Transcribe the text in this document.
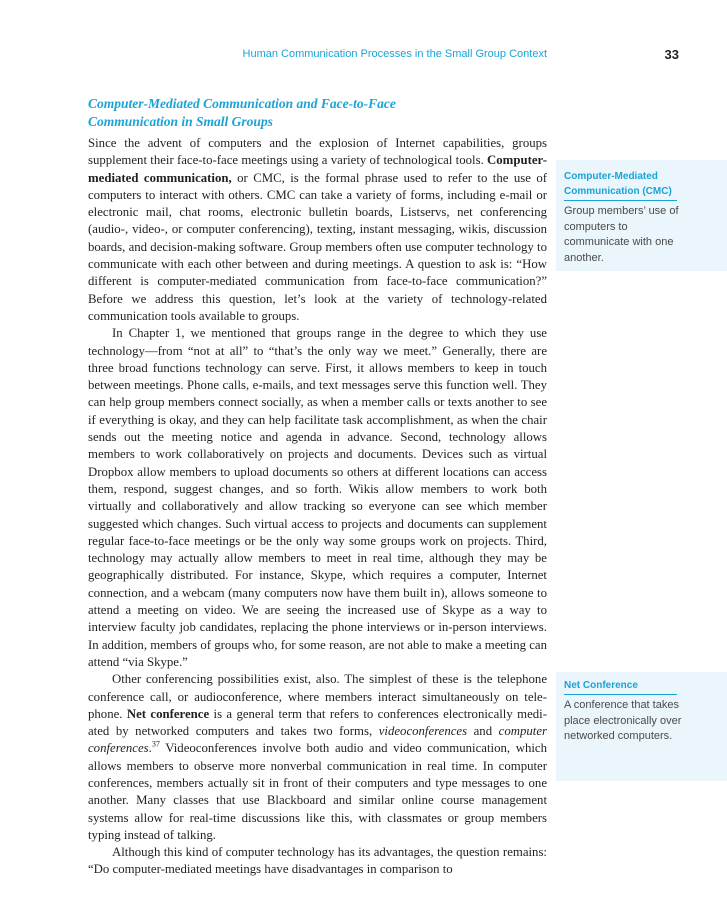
Human Communication Processes in the Small Group Context	33
Computer-Mediated Communication and Face-to-Face
Communication in Small Groups

Since the advent of computers and the explosion of Internet capabilities, groups supplement their face-to-face meetings using a variety of technological tools. Computer-mediated communication, or CMC, is the formal phrase used to refer to the use of computers to interact with others. CMC can take a variety of forms, including e-mail or electronic mail, chat rooms, electronic bulletin boards, Listservs, net conferencing (audio-, video-, or computer conferencing), texting, instant messaging, wikis, discussion boards, and decision-making software. Group members often use computer technology to communicate with each other between and during meetings. A question to ask is: “How different is computer-mediated communication from face-to-face communication?” Before we address this question, let’s look at the variety of technology-related communication tools available to groups.

In Chapter 1, we mentioned that groups range in the degree to which they use technology—from “not at all” to “that’s the only way we meet.” Generally, there are three broad functions technology can serve. First, it allows members to keep in touch between meetings. Phone calls, e-mails, and text messages serve this function well. They can help group members connect socially, as when a member calls or texts another to see if everything is okay, and they can help facilitate task accomplishment, as when the chair sends out the meeting notice and agenda in advance. Second, technology allows members to work collaboratively on projects and documents. Devices such as virtual Dropbox allow members to upload documents so others at different locations can access them, respond, suggest changes, and so forth. Wikis allow members to work both virtually and collaboratively and allow tracking so everyone can see which member suggested which changes. Such virtual access to projects and documents can supplement regular face-to-face meetings or be the only way some groups work on projects. Third, technology may actually allow members to meet in real time, although they may be geographically distributed. For instance, Skype, which requires a computer, Internet connection, and a webcam (many computers now have them built in), allows someone to attend a meeting on video. We are seeing the increased use of Skype as a way to interview faculty job candidates, replacing the phone interviews or in-person interviews. In addition, members of groups who, for some reason, are not able to make a meeting can attend “via Skype.”

Other conferencing possibilities exist, also. The simplest of these is the telephone conference call, or audioconference, where members interact simultaneously on telephone. Net conference is a general term that refers to conferences electronically mediated by networked computers and takes two forms, videoconferences and computer conferences.$^{37}$ Videoconferences involve both audio and video communication, which allows members to observe more nonverbal communication in real time. In computer conferences, members actually sit in front of their computers and type messages to one another. Many classes that use Blackboard and similar online course management systems allow for real-time discussions like this, with classmates or group members typing instead of talking.

Although this kind of computer technology has its advantages, the question remains: “Do computer-mediated meetings have disadvantages in comparison to

Computer-Mediated Communication (CMC)
Group members’ use of computers to communicate with one another.
Net Conference
A conference that takes place electronically over networked computers.
